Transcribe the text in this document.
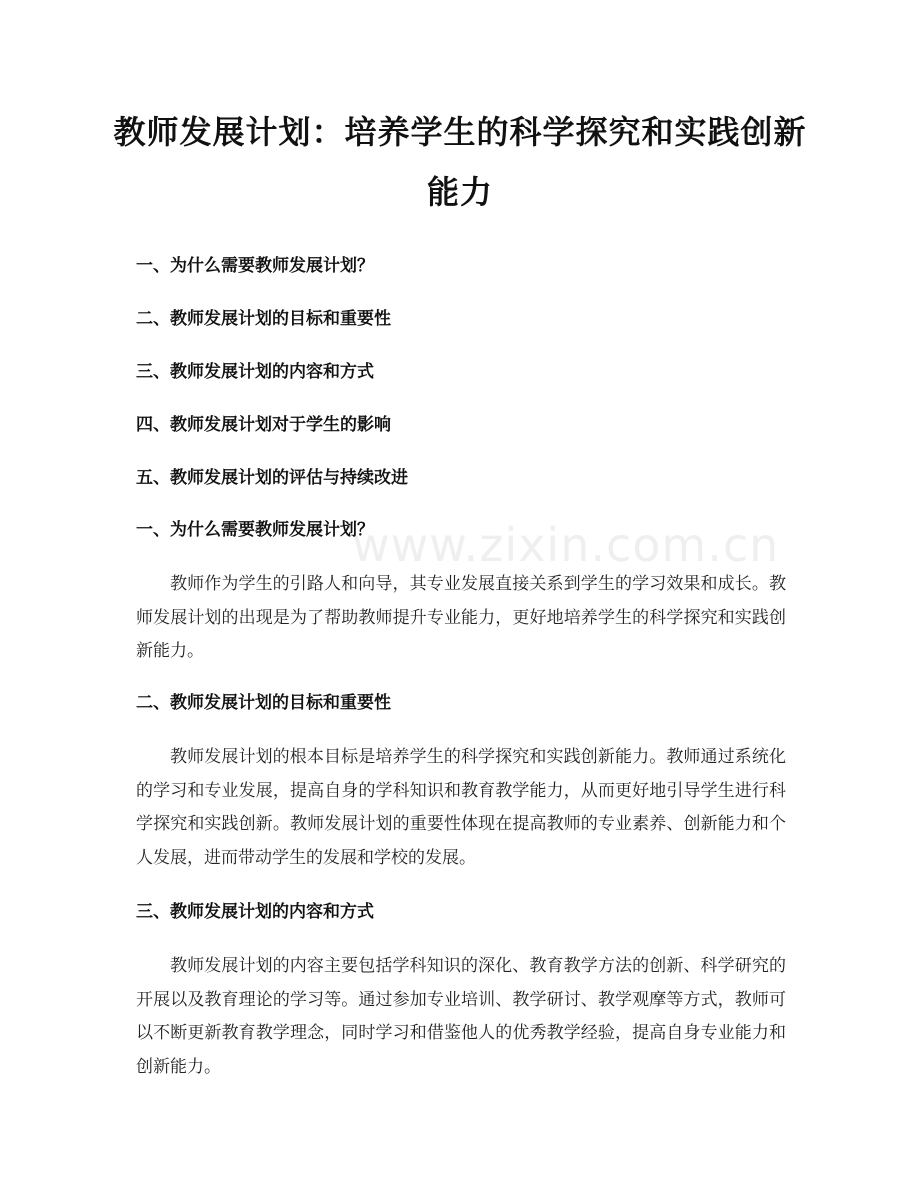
www.zixin.com.cn
教师发展计划：培养学生的科学探究和实践创新能力
一、为什么需要教师发展计划？
二、教师发展计划的目标和重要性
三、教师发展计划的内容和方式
四、教师发展计划对于学生的影响
五、教师发展计划的评估与持续改进
一、为什么需要教师发展计划？
教师作为学生的引路人和向导，其专业发展直接关系到学生的学习效果和成长。教师发展计划的出现是为了帮助教师提升专业能力，更好地培养学生的科学探究和实践创新能力。
二、教师发展计划的目标和重要性
教师发展计划的根本目标是培养学生的科学探究和实践创新能力。教师通过系统化的学习和专业发展，提高自身的学科知识和教育教学能力，从而更好地引导学生进行科学探究和实践创新。教师发展计划的重要性体现在提高教师的专业素养、创新能力和个人发展，进而带动学生的发展和学校的发展。
三、教师发展计划的内容和方式
教师发展计划的内容主要包括学科知识的深化、教育教学方法的创新、科学研究的开展以及教育理论的学习等。通过参加专业培训、教学研讨、教学观摩等方式，教师可以不断更新教育教学理念，同时学习和借鉴他人的优秀教学经验，提高自身专业能力和创新能力。
